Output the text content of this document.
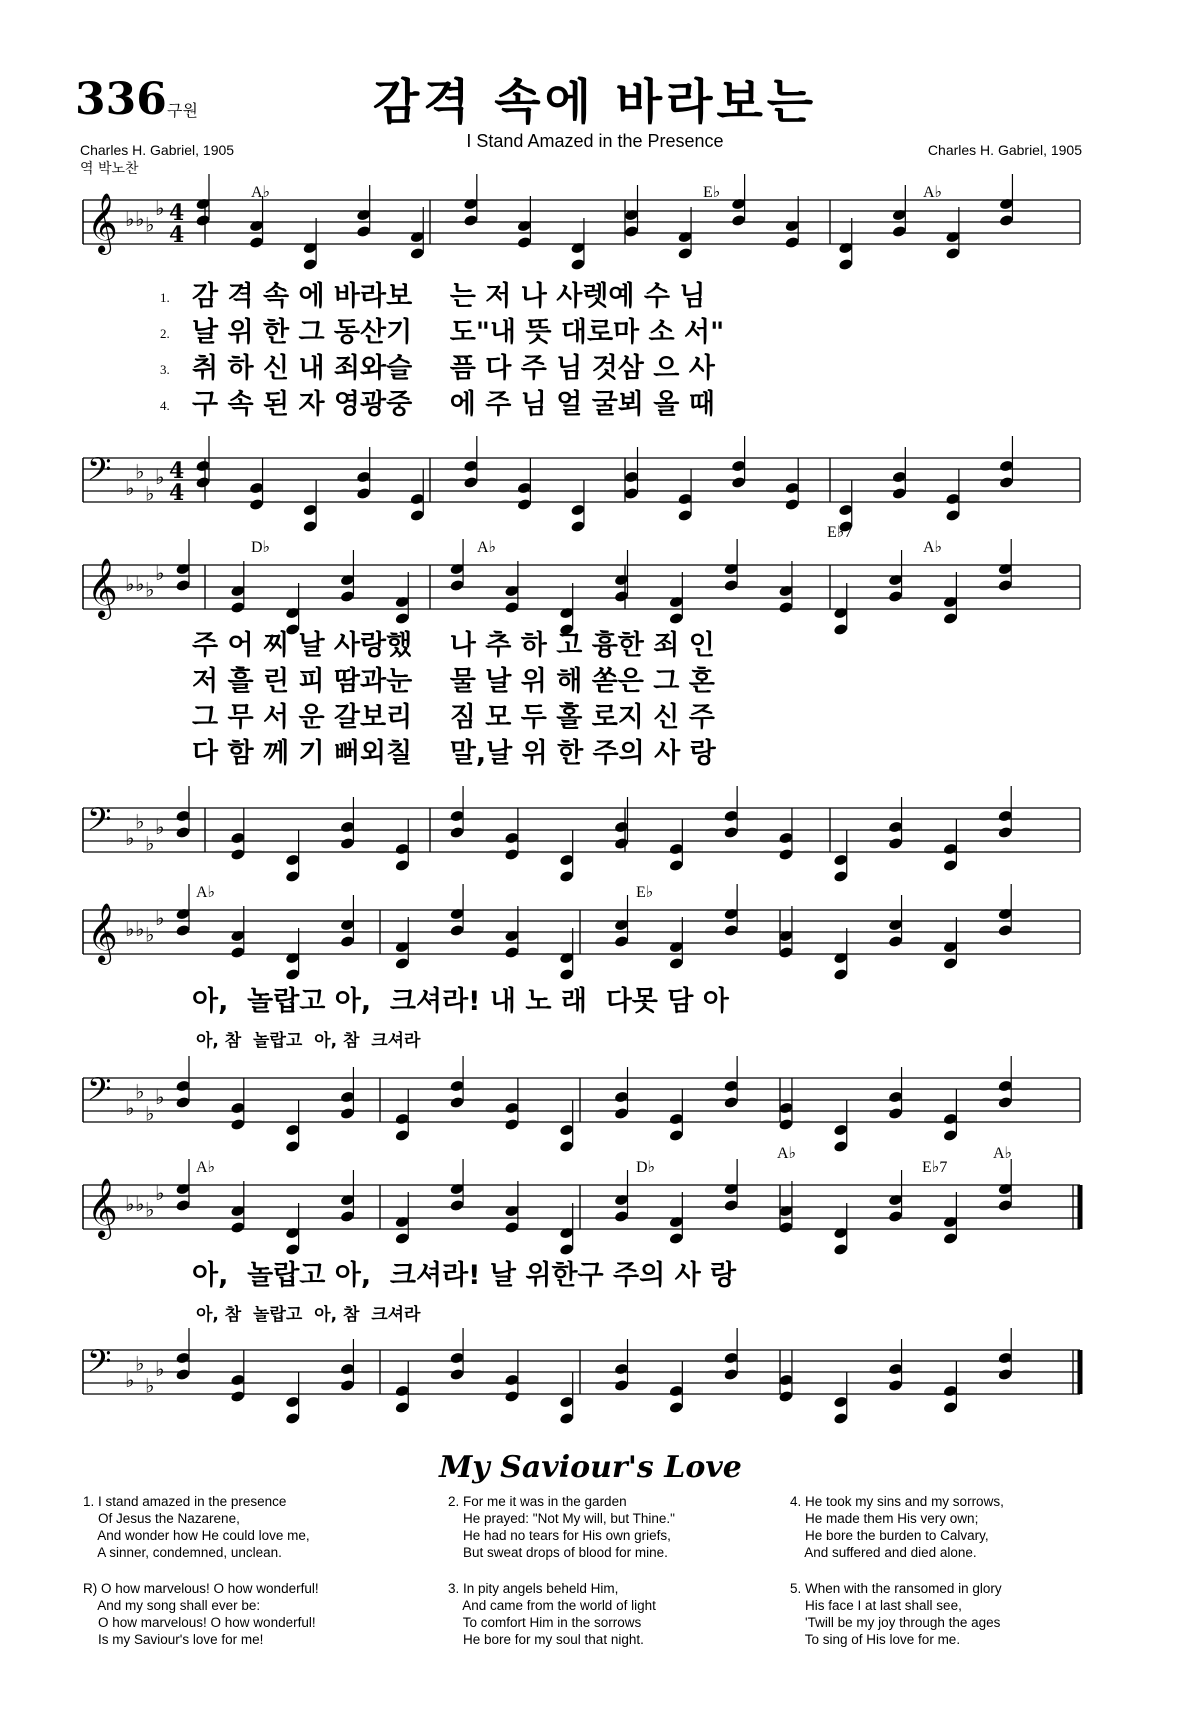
336 구원	감격 속에 바라보는
I Stand Amazed in the Presence
Charles H. Gabriel, 1905
역 박노찬
Charles H. Gabriel, 1905
𝄞 ♭ ♭ ♭
♭ 4
4
A♭	E♭	A♭
1. 감 격 속 에 바라보    는 저 나 사렛예 수 님
2. 날 위 한 그 동산기    도"내 뜻 대로마 소 서"
3. 취 하 신 내 죄와슬    픔 다 주 님 것삼 으 사
4. 구 속 된 자 영광중    에 주 님 얼 굴뵈 올 때
𝄢 ♭
♭
♭
♭ 4
4
𝄞 ♭ ♭ ♭
♭
D♭	A♭
E♭7
A♭
주 어 찌 날 사랑했    나 추 하 고 흉한 죄 인
저 흘 린 피 땀과눈    물 날 위 해 쏟은 그 혼
그 무 서 운 갈보리    짐 모 두 홀 로지 신 주
다 함 께 기 뻐외칠    말,날 위 한 주의 사 랑
𝄢 ♭
♭
♭
♭
𝄞 ♭ ♭ ♭
♭
A♭	E♭
아,  놀랍고 아,  크셔라! 내 노 래  다못 담 아
아, 참  놀랍고  아, 참  크셔라
𝄢 ♭
♭
♭
♭
𝄞 ♭ ♭ ♭
♭
A♭	D♭
A♭
E♭7
A♭
아,  놀랍고 아,  크셔라! 날 위한구 주의 사 랑
아, 참  놀랍고  아, 참  크셔라
𝄢 ♭
♭
♭
♭
My Saviour's Love
1. I stand amazed in the presence
Of Jesus the Nazarene,
And wonder how He could love me,
A sinner, condemned, unclean.
R) O how marvelous! O how wonderful!
And my song shall ever be:
O how marvelous! O how wonderful!
Is my Saviour's love for me!
2. For me it was in the garden
He prayed: "Not My will, but Thine."
He had no tears for His own griefs,
But sweat drops of blood for mine.
3. In pity angels beheld Him,
And came from the world of light
To comfort Him in the sorrows
He bore for my soul that night.
4. He took my sins and my sorrows,
He made them His very own;
He bore the burden to Calvary,
And suffered and died alone.
5. When with the ransomed in glory
His face I at last shall see,
'Twill be my joy through the ages
To sing of His love for me.
